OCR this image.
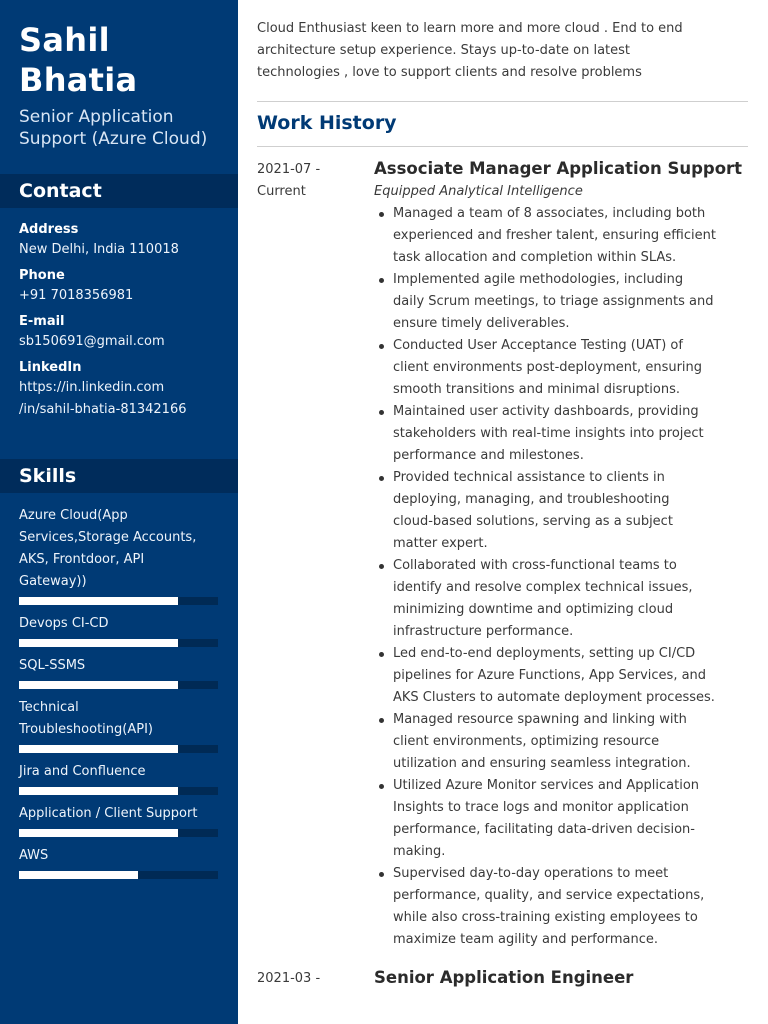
Sahil
Bhatia
Senior Application
Support (Azure Cloud)
Contact
Address
New Delhi, India 110018
Phone
+91 7018356981
E-mail
sb150691@gmail.com
LinkedIn
https://in.linkedin.com
/in/sahil-bhatia-81342166
Skills
Azure Cloud(App
Services,Storage Accounts,
AKS, Frontdoor, API
Gateway))
Devops CI-CD
SQL-SSMS
Technical
Troubleshooting(API)
Jira and Confluence
Application / Client Support
AWS
Cloud Enthusiast keen to learn more and more cloud . End to end
architecture setup experience. Stays up-to-date on latest
technologies , love to support clients and resolve problems
Work History
2021-07 -
Current
Associate Manager Application Support
Equipped Analytical Intelligence
Managed a team of 8 associates, including both
experienced and fresher talent, ensuring efficient
task allocation and completion within SLAs.
Implemented agile methodologies, including
daily Scrum meetings, to triage assignments and
ensure timely deliverables.
Conducted User Acceptance Testing (UAT) of
client environments post-deployment, ensuring
smooth transitions and minimal disruptions.
Maintained user activity dashboards, providing
stakeholders with real-time insights into project
performance and milestones.
Provided technical assistance to clients in
deploying, managing, and troubleshooting
cloud-based solutions, serving as a subject
matter expert.
Collaborated with cross-functional teams to
identify and resolve complex technical issues,
minimizing downtime and optimizing cloud
infrastructure performance.
Led end-to-end deployments, setting up CI/CD
pipelines for Azure Functions, App Services, and
AKS Clusters to automate deployment processes.
Managed resource spawning and linking with
client environments, optimizing resource
utilization and ensuring seamless integration.
Utilized Azure Monitor services and Application
Insights to trace logs and monitor application
performance, facilitating data-driven decision-
making.
Supervised day-to-day operations to meet
performance, quality, and service expectations,
while also cross-training existing employees to
maximize team agility and performance.
2021-03 -	Senior Application Engineer
